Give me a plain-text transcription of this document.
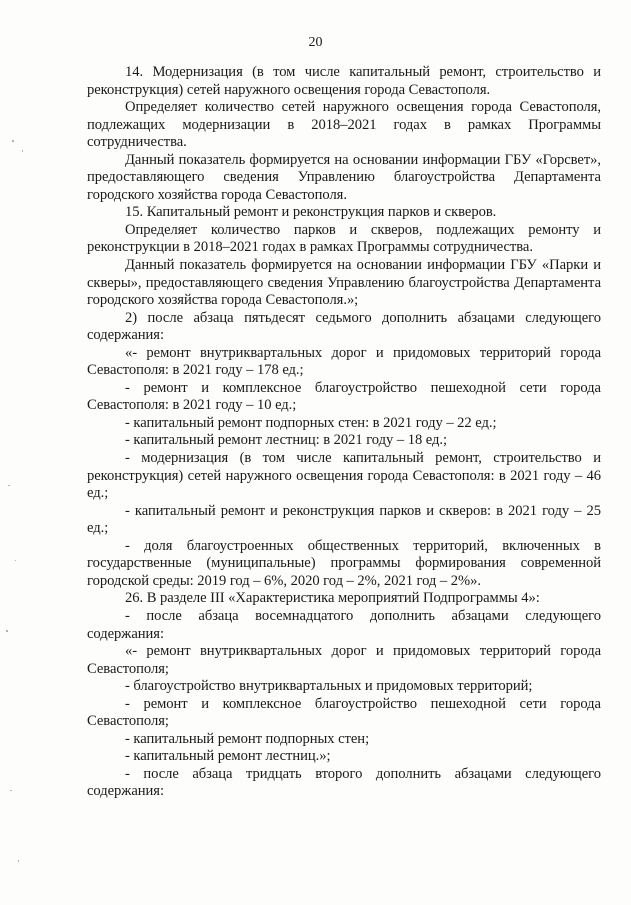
20

14. Модернизация (в том числе капитальный ремонт, строительство и реконструкция) сетей наружного освещения города Севастополя.

Определяет количество сетей наружного освещения города Севастополя, подлежащих модернизации в 2018–2021 годах в рамках Программы сотрудничества.

Данный показатель формируется на основании информации ГБУ «Горсвет», предоставляющего сведения Управлению благоустройства Департамента городского хозяйства города Севастополя.

15. Капитальный ремонт и реконструкция парков и скверов.

Определяет количество парков и скверов, подлежащих ремонту и реконструкции в 2018–2021 годах в рамках Программы сотрудничества.

Данный показатель формируется на основании информации ГБУ «Парки и скверы», предоставляющего сведения Управлению благоустройства Департамента городского хозяйства города Севастополя.»;

2) после абзаца пятьдесят седьмого дополнить абзацами следующего содержания:

«- ремонт внутриквартальных дорог и придомовых территорий города Севастополя: в 2021 году – 178 ед.;

- ремонт и комплексное благоустройство пешеходной сети города Севастополя: в 2021 году – 10 ед.;

- капитальный ремонт подпорных стен: в 2021 году – 22 ед.;

- капитальный ремонт лестниц: в 2021 году – 18 ед.;

- модернизация (в том числе капитальный ремонт, строительство и реконструкция) сетей наружного освещения города Севастополя: в 2021 году – 46 ед.;

- капитальный ремонт и реконструкция парков и скверов: в 2021 году – 25 ед.;

- доля благоустроенных общественных территорий, включенных в государственные (муниципальные) программы формирования современной городской среды: 2019 год – 6%, 2020 год – 2%, 2021 год – 2%».

26. В разделе III «Характеристика мероприятий Подпрограммы 4»:

- после абзаца восемнадцатого дополнить абзацами следующего содержания:

«- ремонт внутриквартальных дорог и придомовых территорий города Севастополя;

- благоустройство внутриквартальных и придомовых территорий;

- ремонт и комплексное благоустройство пешеходной сети города Севастополя;

- капитальный ремонт подпорных стен;

- капитальный ремонт лестниц.»;

- после абзаца тридцать второго дополнить абзацами следующего содержания:
